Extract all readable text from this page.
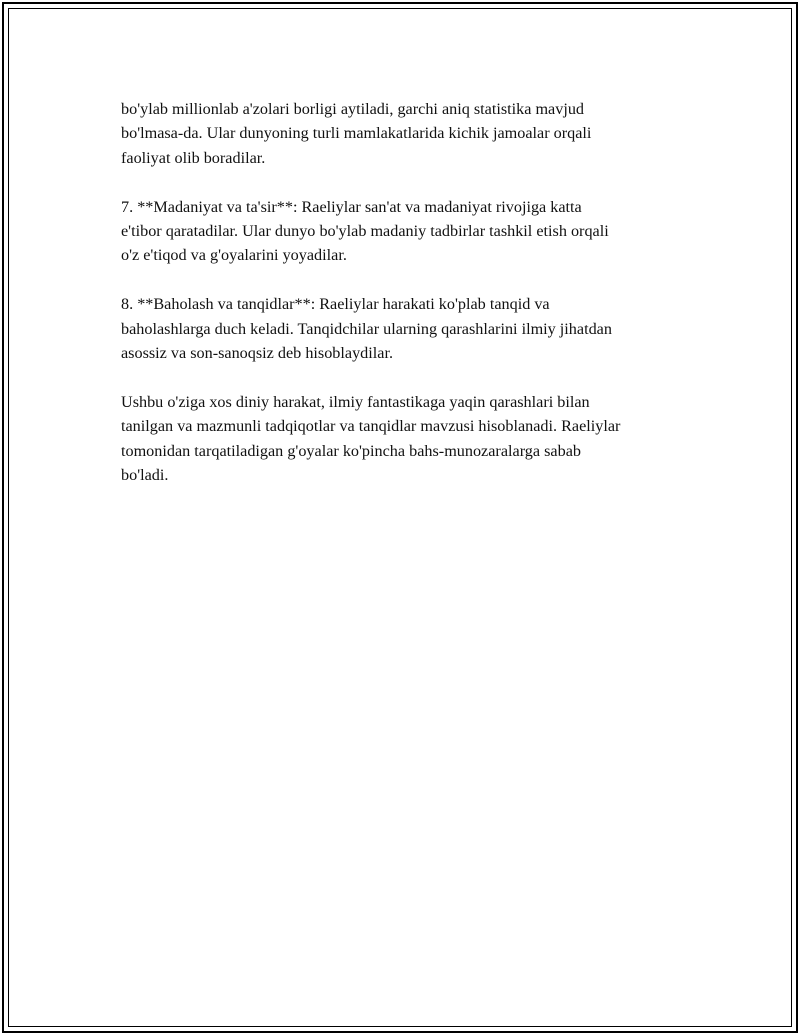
bo'ylab millionlab a'zolari borligi aytiladi, garchi aniq statistika mavjud
bo'lmasa-da. Ular dunyoning turli mamlakatlarida kichik jamoalar orqali
faoliyat olib boradilar.

7. **Madaniyat va ta'sir**: Raeliylar san'at va madaniyat rivojiga katta
e'tibor qaratadilar. Ular dunyo bo'ylab madaniy tadbirlar tashkil etish orqali
o'z e'tiqod va g'oyalarini yoyadilar.

8. **Baholash va tanqidlar**: Raeliylar harakati ko'plab tanqid va
baholashlarga duch keladi. Tanqidchilar ularning qarashlarini ilmiy jihatdan
asossiz va son-sanoqsiz deb hisoblaydilar.

Ushbu o'ziga xos diniy harakat, ilmiy fantastikaga yaqin qarashlari bilan
tanilgan va mazmunli tadqiqotlar va tanqidlar mavzusi hisoblanadi. Raeliylar
tomonidan tarqatiladigan g'oyalar ko'pincha bahs-munozaralarga sabab
bo'ladi.
